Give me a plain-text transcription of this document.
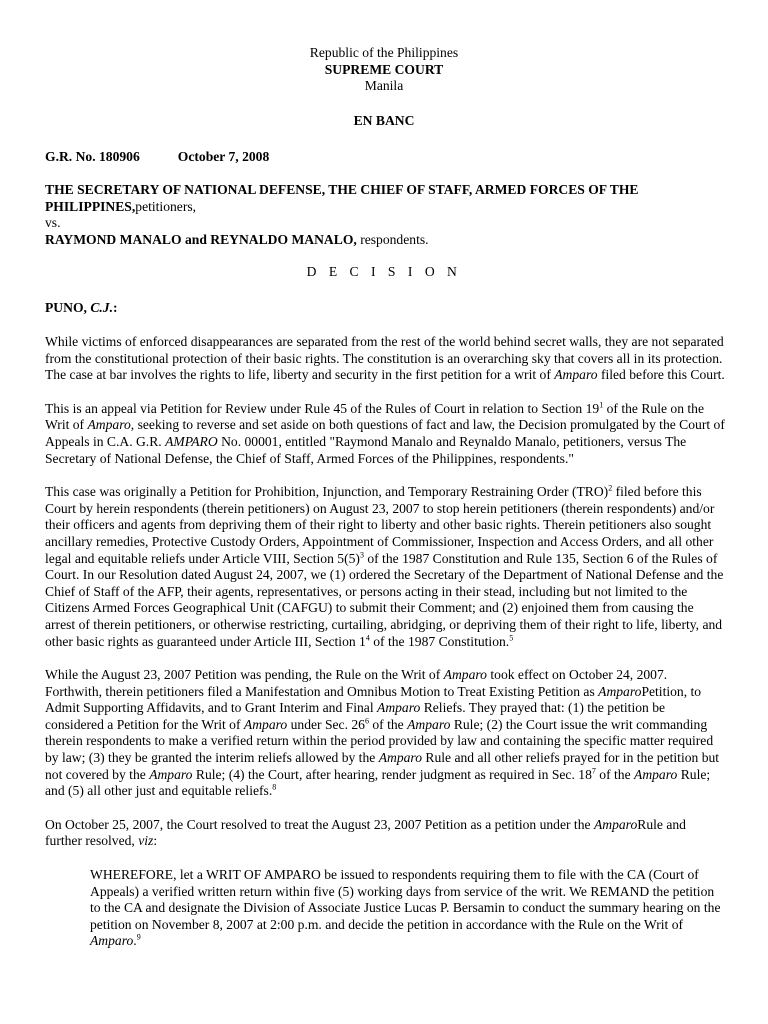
Republic of the Philippines
SUPREME COURT
Manila
EN BANC
G.R. No. 180906	October 7, 2008
THE SECRETARY OF NATIONAL DEFENSE, THE CHIEF OF STAFF, ARMED FORCES OF THE PHILIPPINES,petitioners,
vs.
RAYMOND MANALO and REYNALDO MANALO, respondents.
D E C I S I O N
PUNO, C.J.:

While victims of enforced disappearances are separated from the rest of the world behind secret walls, they are not separated from the constitutional protection of their basic rights. The constitution is an overarching sky that covers all in its protection. The case at bar involves the rights to life, liberty and security in the first petition for a writ of Amparo filed before this Court.

This is an appeal via Petition for Review under Rule 45 of the Rules of Court in relation to Section $19^1$ of the Rule on the Writ of Amparo, seeking to reverse and set aside on both questions of fact and law, the Decision promulgated by the Court of Appeals in C.A. G.R. AMPARO No. 00001, entitled "Raymond Manalo and Reynaldo Manalo, petitioners, versus The Secretary of National Defense, the Chief of Staff, Armed Forces of the Philippines, respondents."

This case was originally a Petition for Prohibition, Injunction, and Temporary Restraining Order (TRO)$^2$ filed before this Court by herein respondents (therein petitioners) on August 23, 2007 to stop herein petitioners (therein respondents) and/or their officers and agents from depriving them of their right to liberty and other basic rights. Therein petitioners also sought ancillary remedies, Protective Custody Orders, Appointment of Commissioner, Inspection and Access Orders, and all other legal and equitable reliefs under Article VIII, Section $5(5)^3$ of the 1987 Constitution and Rule 135, Section 6 of the Rules of Court. In our Resolution dated August 24, 2007, we (1) ordered the Secretary of the Department of National Defense and the Chief of Staff of the AFP, their agents, representatives, or persons acting in their stead, including but not limited to the Citizens Armed Forces Geographical Unit (CAFGU) to submit their Comment; and (2) enjoined them from causing the arrest of therein petitioners, or otherwise restricting, curtailing, abridging, or depriving them of their right to life, liberty, and other basic rights as guaranteed under Article III, Section $1^4$ of the 1987 Constitution.$^5$

While the August 23, 2007 Petition was pending, the Rule on the Writ of Amparo took effect on October 24, 2007. Forthwith, therein petitioners filed a Manifestation and Omnibus Motion to Treat Existing Petition as AmparoPetition, to Admit Supporting Affidavits, and to Grant Interim and Final Amparo Reliefs. They prayed that: (1) the petition be considered a Petition for the Writ of Amparo under Sec. $26^6$ of the Amparo Rule; (2) the Court issue the writ commanding therein respondents to make a verified return within the period provided by law and containing the specific matter required by law; (3) they be granted the interim reliefs allowed by the Amparo Rule and all other reliefs prayed for in the petition but not covered by the Amparo Rule; (4) the Court, after hearing, render judgment as required in Sec. $18^7$ of the Amparo Rule; and (5) all other just and equitable reliefs.$^8$

On October 25, 2007, the Court resolved to treat the August 23, 2007 Petition as a petition under the AmparoRule and further resolved, viz:

WHEREFORE, let a WRIT OF AMPARO be issued to respondents requiring them to file with the CA (Court of Appeals) a verified written return within five (5) working days from service of the writ. We REMAND the petition to the CA and designate the Division of Associate Justice Lucas P. Bersamin to conduct the summary hearing on the petition on November 8, 2007 at 2:00 p.m. and decide the petition in accordance with the Rule on the Writ of Amparo.$^9$
